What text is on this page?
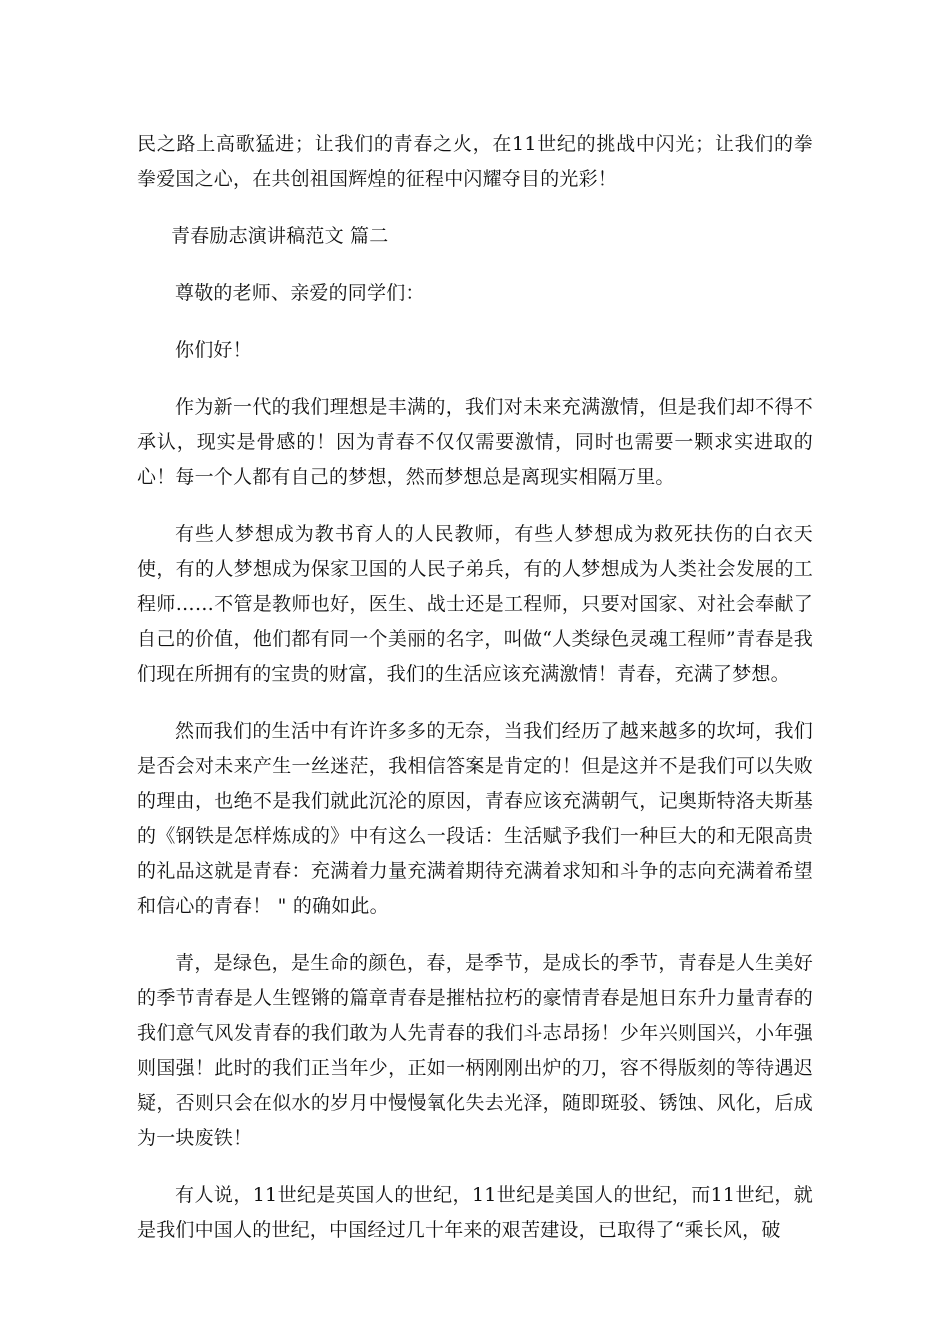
民之路上高歌猛进；让我们的青春之火，在11世纪的挑战中闪光；让我们的拳拳爱国之心，在共创祖国辉煌的征程中闪耀夺目的光彩！

青春励志演讲稿范文 篇二

尊敬的老师、亲爱的同学们：

你们好！

作为新一代的我们理想是丰满的，我们对未来充满激情，但是我们却不得不承认，现实是骨感的！因为青春不仅仅需要激情，同时也需要一颗求实进取的心！每一个人都有自己的梦想，然而梦想总是离现实相隔万里。

有些人梦想成为教书育人的人民教师，有些人梦想成为救死扶伤的白衣天使，有的人梦想成为保家卫国的人民子弟兵，有的人梦想成为人类社会发展的工程师……不管是教师也好，医生、战士还是工程师，只要对国家、对社会奉献了自己的价值，他们都有同一个美丽的名字，叫做“人类绿色灵魂工程师”青春是我们现在所拥有的宝贵的财富，我们的生活应该充满激情！青春，充满了梦想。

然而我们的生活中有许许多多的无奈，当我们经历了越来越多的坎坷，我们是否会对未来产生一丝迷茫，我相信答案是肯定的！但是这并不是我们可以失败的理由，也绝不是我们就此沉沦的原因，青春应该充满朝气，记奥斯特洛夫斯基的《钢铁是怎样炼成的》中有这么一段话：生活赋予我们一种巨大的和无限高贵的礼品这就是青春：充满着力量充满着期待充满着求知和斗争的志向充满着希望和信心的青春！ " 的确如此。

青，是绿色，是生命的颜色，春，是季节，是成长的季节，青春是人生美好的季节青春是人生铿锵的篇章青春是摧枯拉朽的豪情青春是旭日东升力量青春的我们意气风发青春的我们敢为人先青春的我们斗志昂扬！少年兴则国兴，小年强则国强！此时的我们正当年少，正如一柄刚刚出炉的刀，容不得版刻的等待遇迟疑，否则只会在似水的岁月中慢慢氧化失去光泽，随即斑驳、锈蚀、风化，后成为一块废铁！

有人说，11世纪是英国人的世纪，11世纪是美国人的世纪，而11世纪，就是我们中国人的世纪，中国经过几十年来的艰苦建设，已取得了“乘长风，破
